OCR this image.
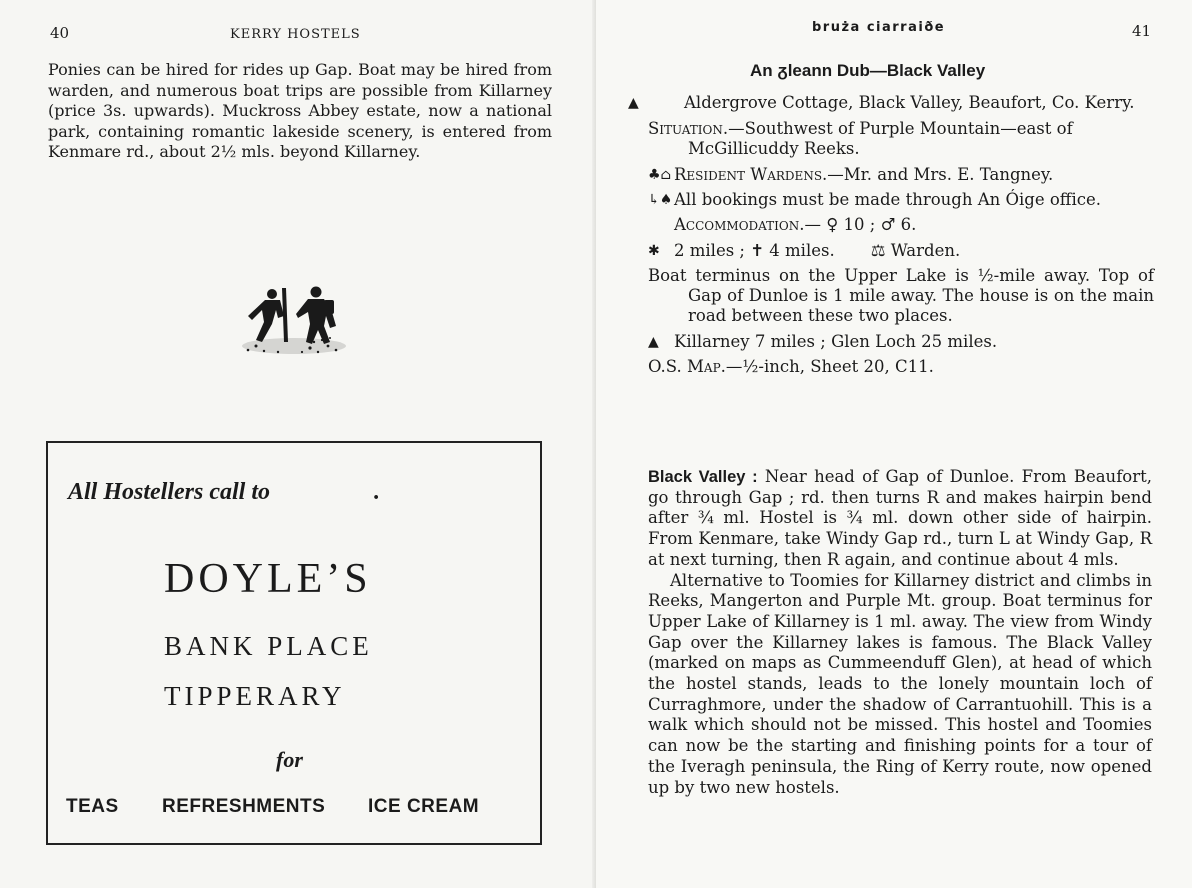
40	KERRY HOSTELS

Ponies can be hired for rides up Gap. Boat may be hired from warden, and numerous boat trips are possible from Killarney (price 3s. upwards). Muckross Abbey estate, now a national park, containing romantic lakeside scenery, is entered from Kenmare rd., about 2½ mls. beyond Killarney.

All Hostellers call to	.
DOYLE’S
BANK PLACE
TIPPERARY
for
TEAS REFRESHMENTS ICE CREAM
bruża ciarraiðe	41
An ᵹleann Dub—Black Valley
▲	Aldergrove Cottage, Black Valley, Beaufort, Co. Kerry.
Situation.—Southwest of Purple Mountain—east of McGillicuddy Reeks.
♣⌂ Resident Wardens.—Mr. and Mrs. E. Tangney.
↳♠ All bookings must be made through An Óige office.
Accommodation.— ♀ 10 ; ♂ 6.
✱ 2 miles ; ✝ 4 miles. ⚖ Warden.
Boat terminus on the Upper Lake is ½-mile away. Top of Gap of Dunloe is 1 mile away. The house is on the main road between these two places.
▲ Killarney 7 miles ; Glen Loch 25 miles.
O.S. Map.—½-inch, Sheet 20, C11.

Black Valley : Near head of Gap of Dunloe. From Beaufort, go through Gap ; rd. then turns R and makes hairpin bend after ¾ ml. Hostel is ¾ ml. down other side of hairpin. From Kenmare, take Windy Gap rd., turn L at Windy Gap, R at next turning, then R again, and continue about 4 mls.

Alternative to Toomies for Killarney district and climbs in Reeks, Mangerton and Purple Mt. group. Boat terminus for Upper Lake of Killarney is 1 ml. away. The view from Windy Gap over the Killarney lakes is famous. The Black Valley (marked on maps as Cummeenduff Glen), at head of which the hostel stands, leads to the lonely mountain loch of Curraghmore, under the shadow of Carrantuohill. This is a walk which should not be missed. This hostel and Toomies can now be the starting and finishing points for a tour of the Iveragh peninsula, the Ring of Kerry route, now opened up by two new hostels.
